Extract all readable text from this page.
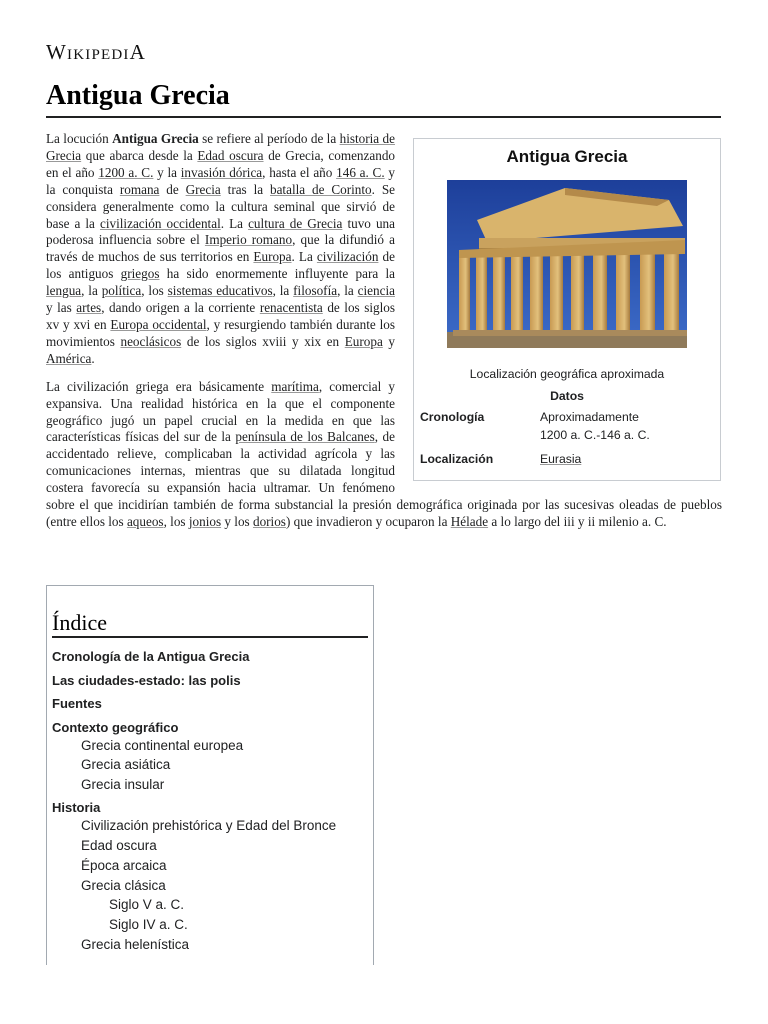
WIKIPEDIA
Antigua Grecia
Antigua Grecia
Localización geográfica aproximada
Datos
Cronología	Aproximadamente
1200 a. C.-146 a. C.
Localización	Eurasia

La locución Antigua Grecia se refiere al período de la historia de Grecia que abarca desde la Edad oscura de Grecia, comenzando en el año 1200 a. C. y la invasión dórica, hasta el año 146 a. C. y la conquista romana de Grecia tras la batalla de Corinto. Se considera generalmente como la cultura seminal que sirvió de base a la civilización occidental. La cultura de Grecia tuvo una poderosa influencia sobre el Imperio romano, que la difundió a través de muchos de sus territorios en Europa. La civilización de los antiguos griegos ha sido enormemente influyente para la lengua, la política, los sistemas educativos, la filosofía, la ciencia y las artes, dando origen a la corriente renacentista de los siglos xv y xvi en Europa occidental, y resurgiendo también durante los movimientos neoclásicos de los siglos xviii y xix en Europa y América.

La civilización griega era básicamente marítima, comercial y expansiva. Una realidad histórica en la que el componente geográfico jugó un papel crucial en la medida en que las características físicas del sur de la península de los Balcanes, de accidentado relieve, complicaban la actividad agrícola y las comunicaciones internas, mientras que su dilatada longitud costera favorecía su expansión hacia ultramar. Un fenómeno sobre el que incidirían también de forma substancial la presión demográfica originada por las sucesivas oleadas de pueblos (entre ellos los aqueos, los jonios y los dorios) que invadieron y ocuparon la Hélade a lo largo del iii y ii milenio a. C.

Índice
Cronología de la Antigua Grecia
Las ciudades-estado: las polis
Fuentes
Contexto geográfico
Grecia continental europea
Grecia asiática
Grecia insular
Historia
Civilización prehistórica y Edad del Bronce
Edad oscura
Época arcaica
Grecia clásica
Siglo V a. C.
Siglo IV a. C.
Grecia helenística
